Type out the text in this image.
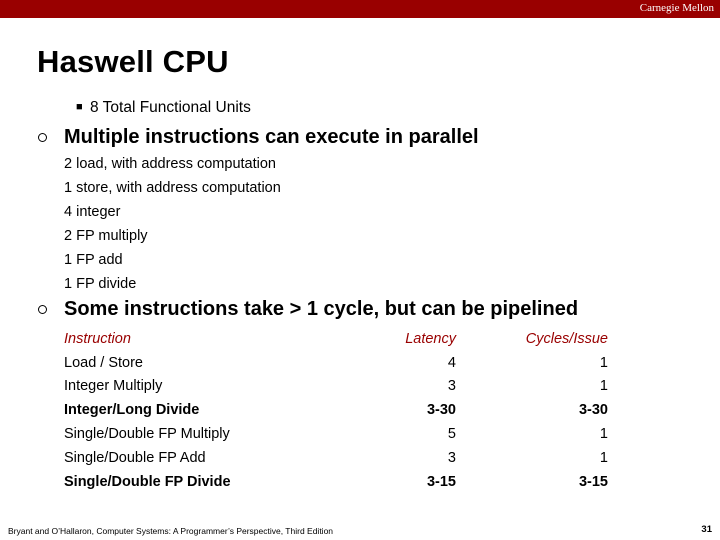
Carnegie Mellon
Haswell CPU
■ 8 Total Functional Units
Multiple instructions can execute in parallel
2 load, with address computation
1 store, with address computation
4 integer
2 FP multiply
1 FP add
1 FP divide
Some instructions take > 1 cycle, but can be pipelined
Instruction	Latency	Cycles/Issue
Load / Store	4	1
Integer Multiply	3	1
Integer/Long Divide	3-30	3-30
Single/Double FP Multiply	5	1
Single/Double FP Add	3	1
Single/Double FP Divide	3-15	3-15
Bryant and O’Hallaron, Computer Systems: A Programmer’s Perspective, Third Edition	31
